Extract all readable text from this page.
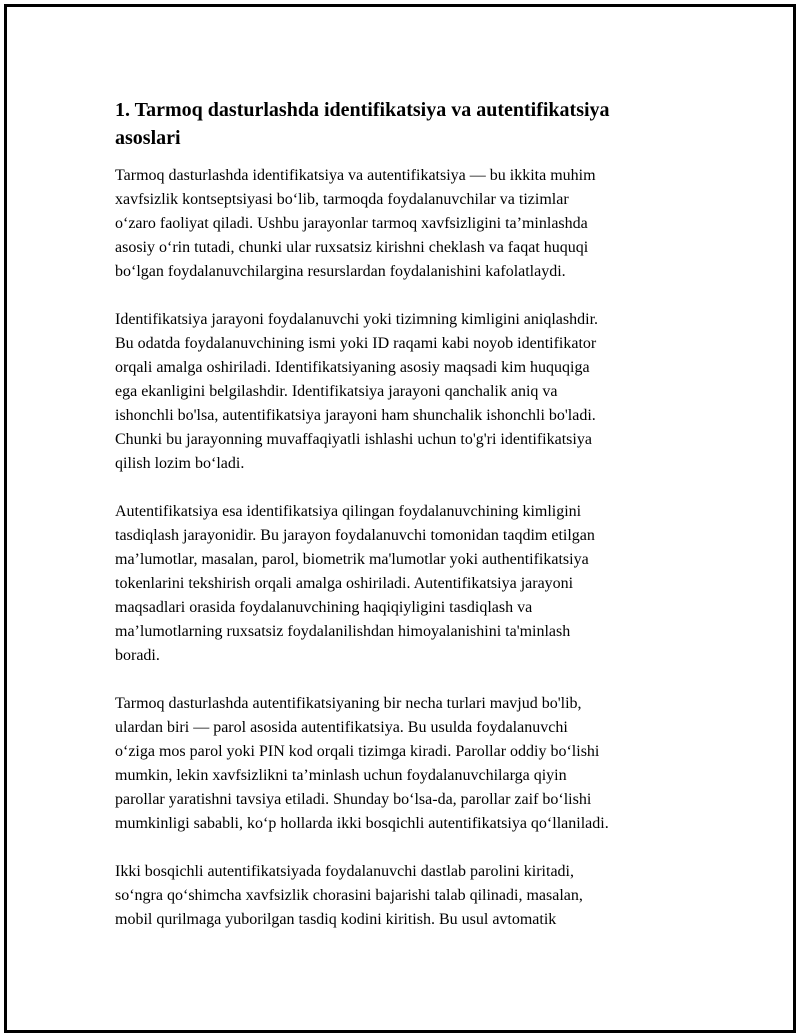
1. Tarmoq dasturlashda identifikatsiya va autentifikatsiya
asoslari

Tarmoq dasturlashda identifikatsiya va autentifikatsiya — bu ikkita muhim
xavfsizlik kontseptsiyasi bo‘lib, tarmoqda foydalanuvchilar va tizimlar
o‘zaro faoliyat qiladi. Ushbu jarayonlar tarmoq xavfsizligini ta’minlashda
asosiy o‘rin tutadi, chunki ular ruxsatsiz kirishni cheklash va faqat huquqi
bo‘lgan foydalanuvchilargina resurslardan foydalanishini kafolatlaydi.

Identifikatsiya jarayoni foydalanuvchi yoki tizimning kimligini aniqlashdir.
Bu odatda foydalanuvchining ismi yoki ID raqami kabi noyob identifikator
orqali amalga oshiriladi. Identifikatsiyaning asosiy maqsadi kim huquqiga
ega ekanligini belgilashdir. Identifikatsiya jarayoni qanchalik aniq va
ishonchli bo'lsa, autentifikatsiya jarayoni ham shunchalik ishonchli bo'ladi.
Chunki bu jarayonning muvaffaqiyatli ishlashi uchun to'g'ri identifikatsiya
qilish lozim bo‘ladi.

Autentifikatsiya esa identifikatsiya qilingan foydalanuvchining kimligini
tasdiqlash jarayonidir. Bu jarayon foydalanuvchi tomonidan taqdim etilgan
ma’lumotlar, masalan, parol, biometrik ma'lumotlar yoki authentifikatsiya
tokenlarini tekshirish orqali amalga oshiriladi. Autentifikatsiya jarayoni
maqsadlari orasida foydalanuvchining haqiqiyligini tasdiqlash va
ma’lumotlarning ruxsatsiz foydalanilishdan himoyalanishini ta'minlash
boradi.

Tarmoq dasturlashda autentifikatsiyaning bir necha turlari mavjud bo'lib,
ulardan biri — parol asosida autentifikatsiya. Bu usulda foydalanuvchi
o‘ziga mos parol yoki PIN kod orqali tizimga kiradi. Parollar oddiy bo‘lishi
mumkin, lekin xavfsizlikni ta’minlash uchun foydalanuvchilarga qiyin
parollar yaratishni tavsiya etiladi. Shunday bo‘lsa-da, parollar zaif bo‘lishi
mumkinligi sababli, ko‘p hollarda ikki bosqichli autentifikatsiya qo‘llaniladi.

Ikki bosqichli autentifikatsiyada foydalanuvchi dastlab parolini kiritadi,
so‘ngra qo‘shimcha xavfsizlik chorasini bajarishi talab qilinadi, masalan,
mobil qurilmaga yuborilgan tasdiq kodini kiritish. Bu usul avtomatik
